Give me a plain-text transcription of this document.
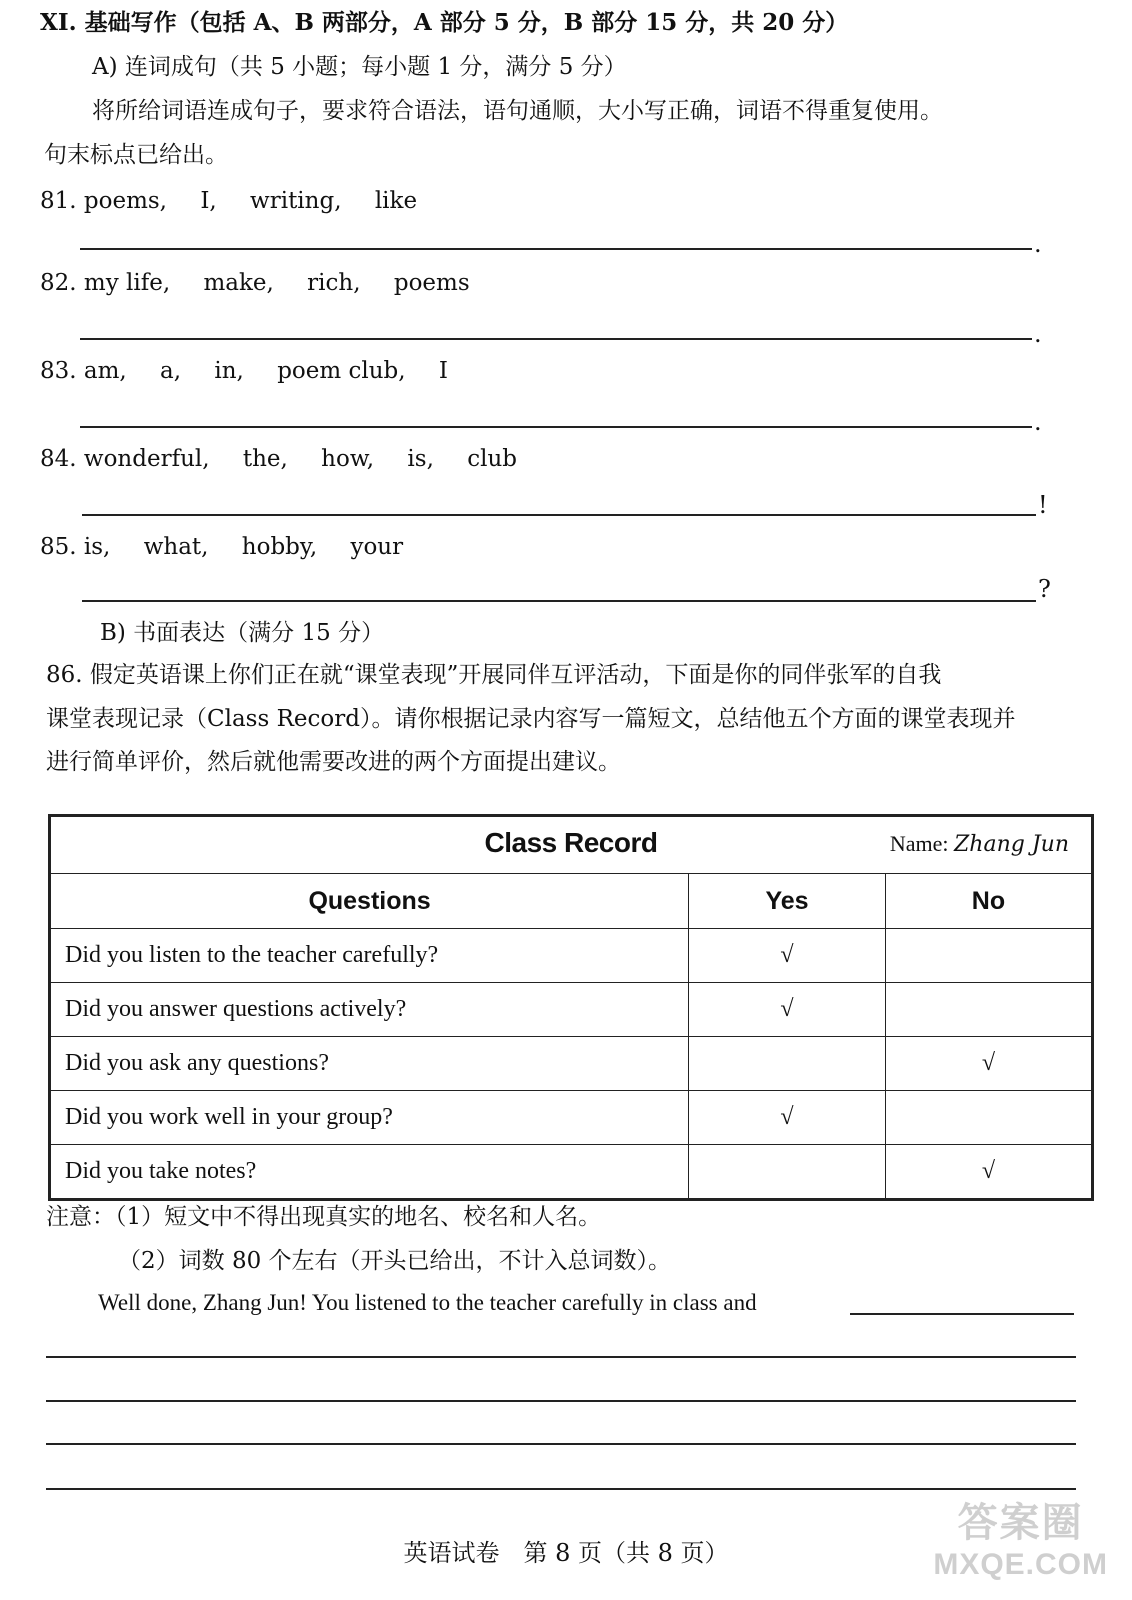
XI. 基础写作（包括 A、B 两部分，A 部分 5 分，B 部分 15 分，共 20 分）
A) 连词成句（共 5 小题；每小题 1 分，满分 5 分）
将所给词语连成句子，要求符合语法，语句通顺，大小写正确，词语不得重复使用。
句末标点已给出。
81. poems, I, writing, like
.
82. my life, make, rich, poems
.
83. am, a, in, poem club, I
.
84. wonderful, the, how, is, club
!
85. is, what, hobby, your
?
B) 书面表达（满分 15 分）
86. 假定英语课上你们正在就“课堂表现”开展同伴互评活动，下面是你的同伴张军的自我
课堂表现记录（Class Record）。请你根据记录内容写一篇短文，总结他五个方面的课堂表现并
进行简单评价，然后就他需要改进的两个方面提出建议。
Class Record Name: Zhang Jun		

Questions	Yes	No
Did you listen to the teacher carefully?	√	
Did you answer questions actively?	√	
Did you ask any questions?		√
Did you work well in your group?	√	
Did you take notes?		√
注意：（1）短文中不得出现真实的地名、校名和人名。
（2）词数 80 个左右（开头已给出，不计入总词数）。
Well done, Zhang Jun! You listened to the teacher carefully in class and
英语试卷　第 8 页（共 8 页）
答案圈
MXQE.COM
